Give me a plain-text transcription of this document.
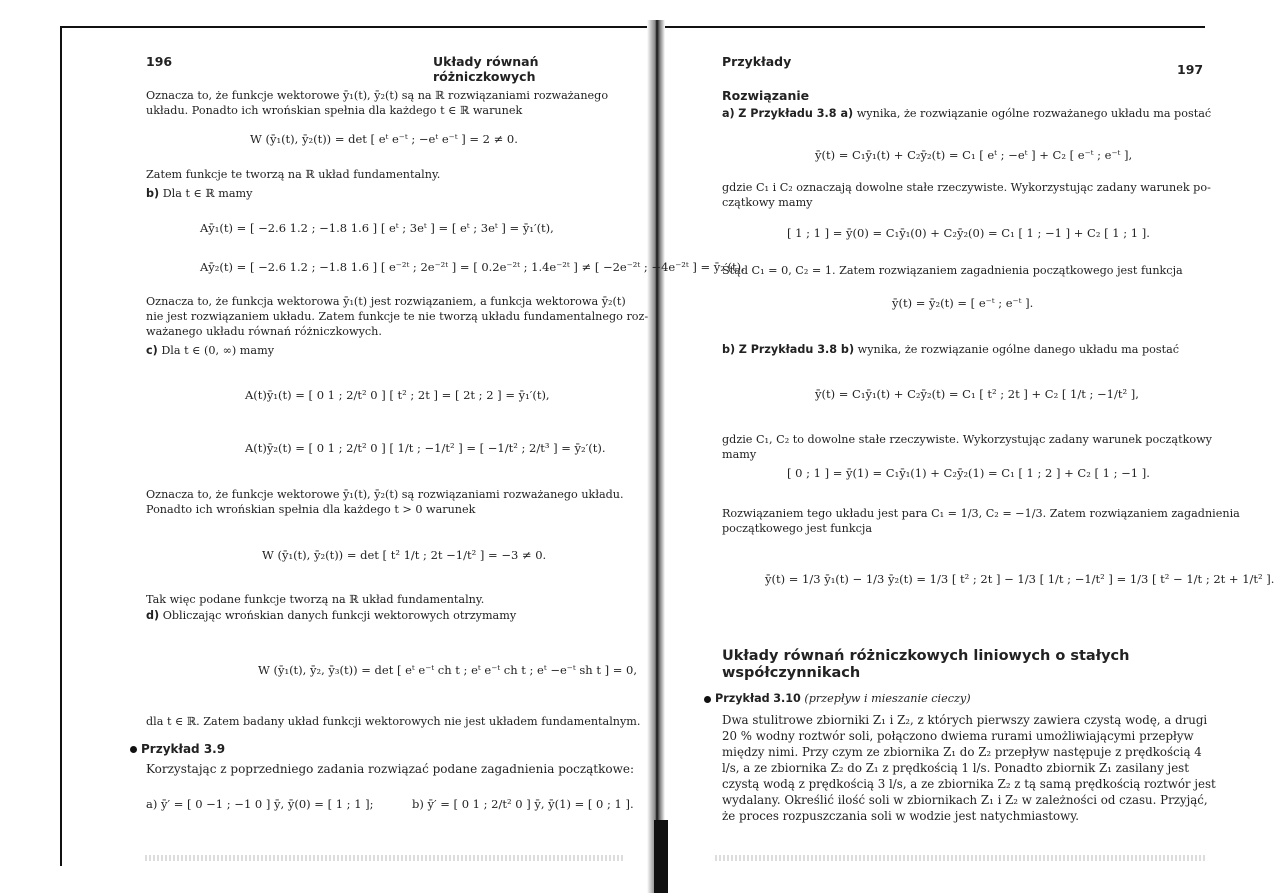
196	Układy równań różniczkowych
Oznacza to, że funkcje wektorowe ȳ₁(t), ȳ₂(t) są na ℝ rozwiązaniami rozważanego
układu. Ponadto ich wrońskian spełnia dla każdego t ∈ ℝ warunek
W (ȳ₁(t), ȳ₂(t)) = det [ eᵗ e⁻ᵗ ; −eᵗ e⁻ᵗ ] = 2 ≠ 0.
Zatem funkcje te tworzą na ℝ układ fundamentalny.
b) Dla t ∈ ℝ mamy
Aȳ₁(t) = [ −2.6 1.2 ; −1.8 1.6 ] [ eᵗ ; 3eᵗ ] = [ eᵗ ; 3eᵗ ] = ȳ₁′(t),
Aȳ₂(t) = [ −2.6 1.2 ; −1.8 1.6 ] [ e⁻²ᵗ ; 2e⁻²ᵗ ] = [ 0.2e⁻²ᵗ ; 1.4e⁻²ᵗ ] ≠ [ −2e⁻²ᵗ ; −4e⁻²ᵗ ] = ȳ₂′(t).
Oznacza to, że funkcja wektorowa ȳ₁(t) jest rozwiązaniem, a funkcja wektorowa ȳ₂(t)
nie jest rozwiązaniem układu. Zatem funkcje te nie tworzą układu fundamentalnego roz-
ważanego układu równań różniczkowych.
c) Dla t ∈ (0, ∞) mamy
A(t)ȳ₁(t) = [ 0 1 ; 2/t² 0 ] [ t² ; 2t ] = [ 2t ; 2 ] = ȳ₁′(t),
A(t)ȳ₂(t) = [ 0 1 ; 2/t² 0 ] [ 1/t ; −1/t² ] = [ −1/t² ; 2/t³ ] = ȳ₂′(t).
Oznacza to, że funkcje wektorowe ȳ₁(t), ȳ₂(t) są rozwiązaniami rozważanego układu.
Ponadto ich wrońskian spełnia dla każdego t > 0 warunek
W (ȳ₁(t), ȳ₂(t)) = det [ t² 1/t ; 2t −1/t² ] = −3 ≠ 0.
Tak więc podane funkcje tworzą na ℝ układ fundamentalny.
d) Obliczając wrońskian danych funkcji wektorowych otrzymamy
W (ȳ₁(t), ȳ₂, ȳ₃(t)) = det [ eᵗ e⁻ᵗ ch t ; eᵗ e⁻ᵗ ch t ; eᵗ −e⁻ᵗ sh t ] = 0,
dla t ∈ ℝ. Zatem badany układ funkcji wektorowych nie jest układem fundamentalnym.
Przykład 3.9
Korzystając z poprzedniego zadania rozwiązać podane zagadnienia początkowe:
a) ȳ′ = [ 0 −1 ; −1 0 ] ȳ, ȳ(0) = [ 1 ; 1 ];	b) ȳ′ = [ 0 1 ; 2/t² 0 ] ȳ, ȳ(1) = [ 0 ; 1 ].
Przykłady
197
Rozwiązanie
a) Z Przykładu 3.8 a) wynika, że rozwiązanie ogólne rozważanego układu ma postać
ȳ(t) = C₁ȳ₁(t) + C₂ȳ₂(t) = C₁ [ eᵗ ; −eᵗ ] + C₂ [ e⁻ᵗ ; e⁻ᵗ ],
gdzie C₁ i C₂ oznaczają dowolne stałe rzeczywiste. Wykorzystując zadany warunek po-
czątkowy mamy
[ 1 ; 1 ] = ȳ(0) = C₁ȳ₁(0) + C₂ȳ₂(0) = C₁ [ 1 ; −1 ] + C₂ [ 1 ; 1 ].
Stąd C₁ = 0, C₂ = 1. Zatem rozwiązaniem zagadnienia początkowego jest funkcja
ȳ(t) = ȳ₂(t) = [ e⁻ᵗ ; e⁻ᵗ ].
b) Z Przykładu 3.8 b) wynika, że rozwiązanie ogólne danego układu ma postać
ȳ(t) = C₁ȳ₁(t) + C₂ȳ₂(t) = C₁ [ t² ; 2t ] + C₂ [ 1/t ; −1/t² ],
gdzie C₁, C₂ to dowolne stałe rzeczywiste. Wykorzystując zadany warunek początkowy
mamy
[ 0 ; 1 ] = ȳ(1) = C₁ȳ₁(1) + C₂ȳ₂(1) = C₁ [ 1 ; 2 ] + C₂ [ 1 ; −1 ].
Rozwiązaniem tego układu jest para C₁ = 1/3, C₂ = −1/3. Zatem rozwiązaniem zagadnienia
początkowego jest funkcja
ȳ(t) = 1/3 ȳ₁(t) − 1/3 ȳ₂(t) = 1/3 [ t² ; 2t ] − 1/3 [ 1/t ; −1/t² ] = 1/3 [ t² − 1/t ; 2t + 1/t² ].
Układy równań różniczkowych liniowych o stałych
współczynnikach
Przykład 3.10 (przepływ i mieszanie cieczy)
Dwa stulitrowe zbiorniki Z₁ i Z₂, z których pierwszy zawiera czystą wodę, a drugi
20 % wodny roztwór soli, połączono dwiema rurami umożliwiającymi przepływ
między nimi. Przy czym ze zbiornika Z₁ do Z₂ przepływ następuje z prędkością 4
l/s, a ze zbiornika Z₂ do Z₁ z prędkością 1 l/s. Ponadto zbiornik Z₁ zasilany jest
czystą wodą z prędkością 3 l/s, a ze zbiornika Z₂ z tą samą prędkością roztwór jest
wydalany. Określić ilość soli w zbiornikach Z₁ i Z₂ w zależności od czasu. Przyjąć,
że proces rozpuszczania soli w wodzie jest natychmiastowy.
